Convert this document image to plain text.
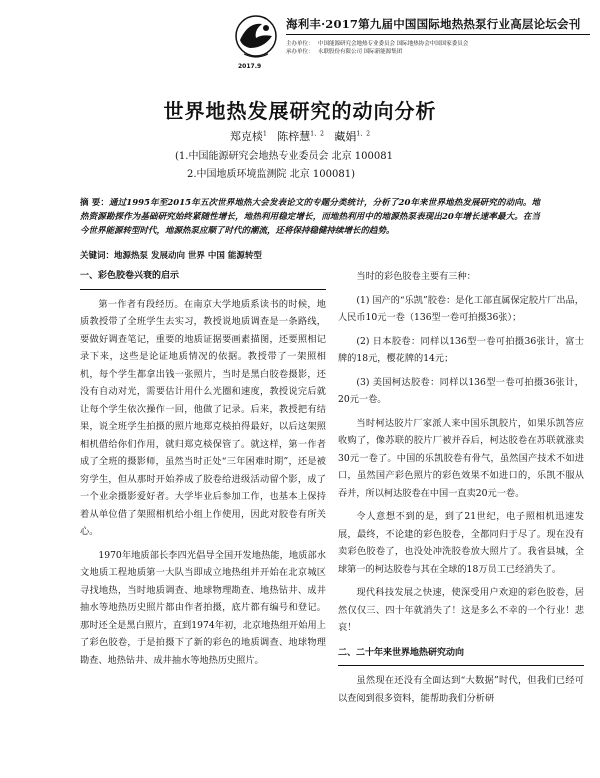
2017.9
海利丰·2017第九届中国国际地热热泵行业高层论坛会刊
主办单位：
承办单位：
中国能源研究会地热专业委员会 国际地热协会中国国家委员会
永联股份有限公司 国际新能源集团
世界地热发展研究的动向分析
郑克棪$^1$ 陈梓慧$^{1、2}$ 藏娟$^{1、2}$
(1.中国能源研究会地热专业委员会 北京 100081
2.中国地质环境监测院 北京 100081)
摘 要：通过1995年至2015年五次世界地热大会发表论文的专题分类统计，分析了20年来世界地热发展研究的动向。地热资源勘探作为基础研究始终紧随性增长，地热利用稳定增长，而地热利用中的地源热泵表现出20年增长速率最大。在当今世界能源转型时代，地源热泵应顺了时代的潮流，还将保持稳健持续增长的趋势。
关键词：地源热泵 发展动向 世界 中国 能源转型
一、彩色胶卷兴衰的启示

第一作者有段经历。在南京大学地质系读书的时候，地质教授带了全班学生去实习，教授说地质调查是一条路线，要做好调查笔记，重要的地质证据要画素描图，还要照相记录下来，这些是论证地质情况的依据。教授带了一架照相机，每个学生都拿出钱一张照片，当时是黑白胶卷摄影，还没有自动对光，需要估计用什么光圈和速度，教授说完后就让每个学生依次操作一回，他做了记录。后来，教授把有结果，说全班学生拍摄的照片地郑克棪拍得最好，以后这架照相机借给你们作用，就归郑克棪保管了。就这样，第一作者成了全班的摄影师，虽然当时正处“三年困难时期”，还是被穷学生，但从那时开始养成了胶卷给进级活动留个影，成了一个业余摄影爱好者。大学毕业后参加工作，也基本上保持着从单位借了架照相机给小组上作使用，因此对胶卷有所关心。

1970年地质部长李四光倡导全国开发地热能，地质部水文地质工程地质第一大队当即成立地热组并开始在北京城区寻找地热，当时地质调查、地球物理勘查、地热钻井、成井抽水等地热历史照片都由作者拍摄，底片都有编号和登记。那时还全是黑白照片，直到1974年初，北京地热组开始用上了彩色胶卷，于是拍摄下了新的彩色的地质调查、地球物理勘查、地热钻井、成井抽水等地热历史照片。

当时的彩色胶卷主要有三种：

(1) 国产的“乐凯”胶卷：是化工部直属保定胶片厂出品，人民币10元一卷（136型一卷可拍摄36张）；

(2) 日本胶卷：同样以136型一卷可拍摄36张计，富士牌的18元，樱花牌的14元；

(3) 美国柯达胶卷：同样以136型一卷可拍摄36张计，20元一卷。

当时柯达胶片厂家派人来中国乐凯胶片，如果乐凯答应收购了，像苏联的胶片厂被并吞后，柯达胶卷在苏联就涨卖30元一卷了。中国的乐凯胶卷有骨气，虽然国产技术不如进口，虽然国产彩色照片的彩色效果不如进口的，乐凯不服从吞并，所以柯达胶卷在中国一直卖20元一卷。

令人意想不到的是，到了21世纪，电子照相机迅速发展，最终，不论建的彩色胶卷，全都同归于尽了。现在没有卖彩色胶卷了，也没处冲洗胶卷放大照片了。我省县城，全球第一的柯达胶卷与其在全球的18万员工已经消失了。

现代科技发展之快速，使深受用户欢迎的彩色胶卷，居然仅仅三、四十年就消失了！这是多么不幸的一个行业！悲哀！

二、二十年来世界地热研究动向

虽然现在还没有全面达到“大数据”时代，但我们已经可以查阅到很多资料，能帮助我们分析研
